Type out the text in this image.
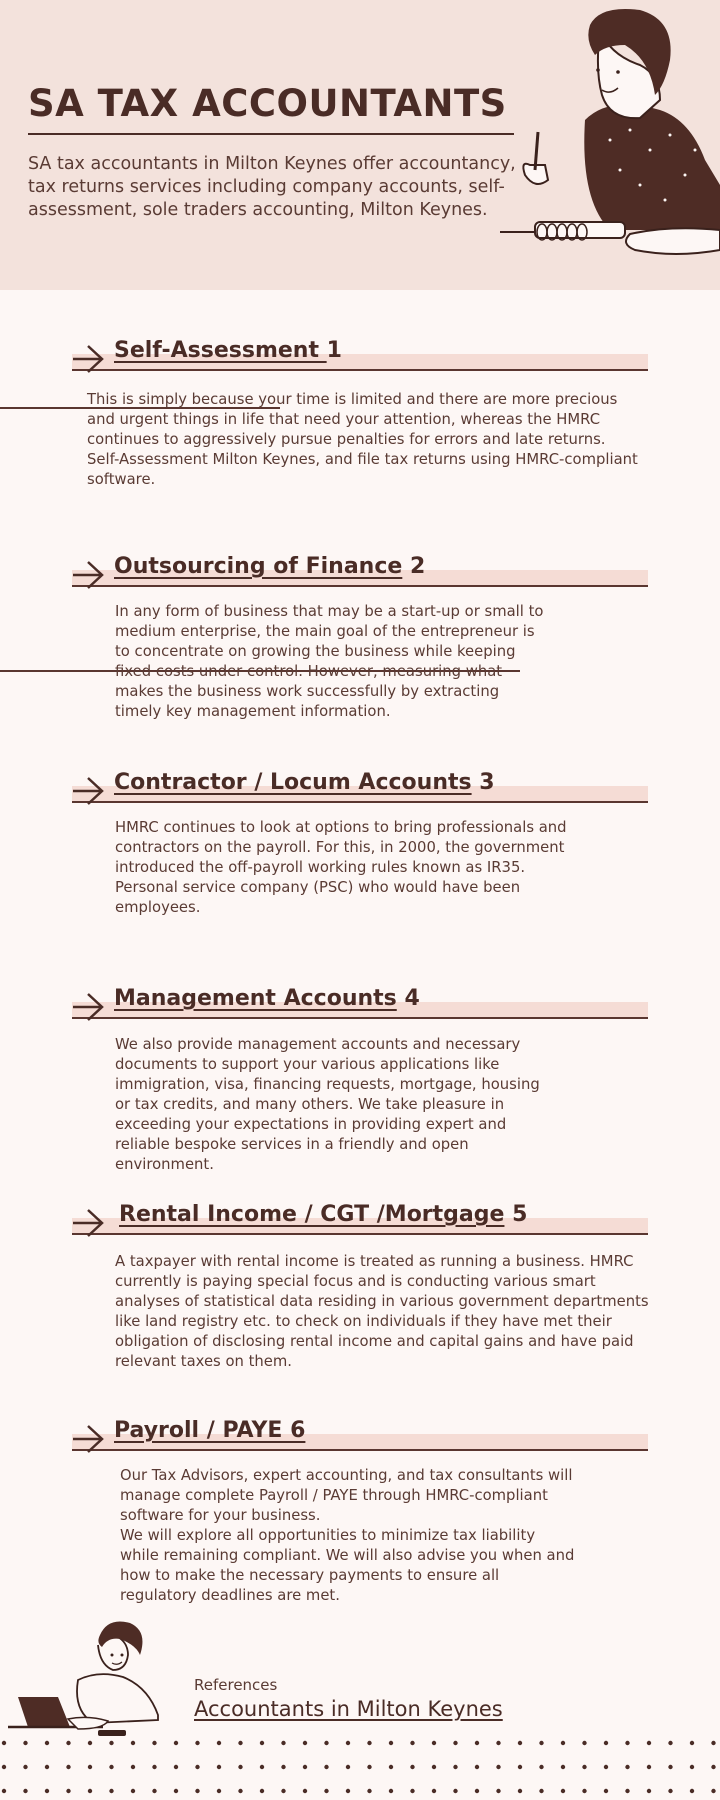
SA TAX ACCOUNTANTS

SA tax accountants in Milton Keynes offer accountancy, tax returns services including company accounts, self-assessment, sole traders accounting, Milton Keynes.

Self-Assessment 1

This is simply because your time is limited and there are more precious and urgent things in life that need your attention, whereas the HMRC continues to aggressively pursue penalties for errors and late returns.
Self-Assessment Milton Keynes, and file tax returns using HMRC-compliant software.

Outsourcing of Finance 2

In any form of business that may be a start-up or small to medium enterprise, the main goal of the entrepreneur is to concentrate on growing the business while keeping fixed costs under control. However, measuring what makes the business work successfully by extracting timely key management information.

Contractor / Locum Accounts 3

HMRC continues to look at options to bring professionals and contractors on the payroll. For this, in 2000, the government introduced the off-payroll working rules known as IR35.
Personal service company (PSC) who would have been employees.

Management Accounts 4

We also provide management accounts and necessary documents to support your various applications like immigration, visa, financing requests, mortgage, housing or tax credits, and many others. We take pleasure in exceeding your expectations in providing expert and reliable bespoke services in a friendly and open environment.

Rental Income / CGT /Mortgage 5

A taxpayer with rental income is treated as running a business. HMRC currently is paying special focus and is conducting various smart analyses of statistical data residing in various government departments like land registry etc. to check on individuals if they have met their obligation of disclosing rental income and capital gains and have paid relevant taxes on them.

Payroll / PAYE 6

Our Tax Advisors, expert accounting, and tax consultants will manage complete Payroll / PAYE through HMRC-compliant software for your business.
We will explore all opportunities to minimize tax liability while remaining compliant. We will also advise you when and how to make the necessary payments to ensure all regulatory deadlines are met.

References
Accountants in Milton Keynes
